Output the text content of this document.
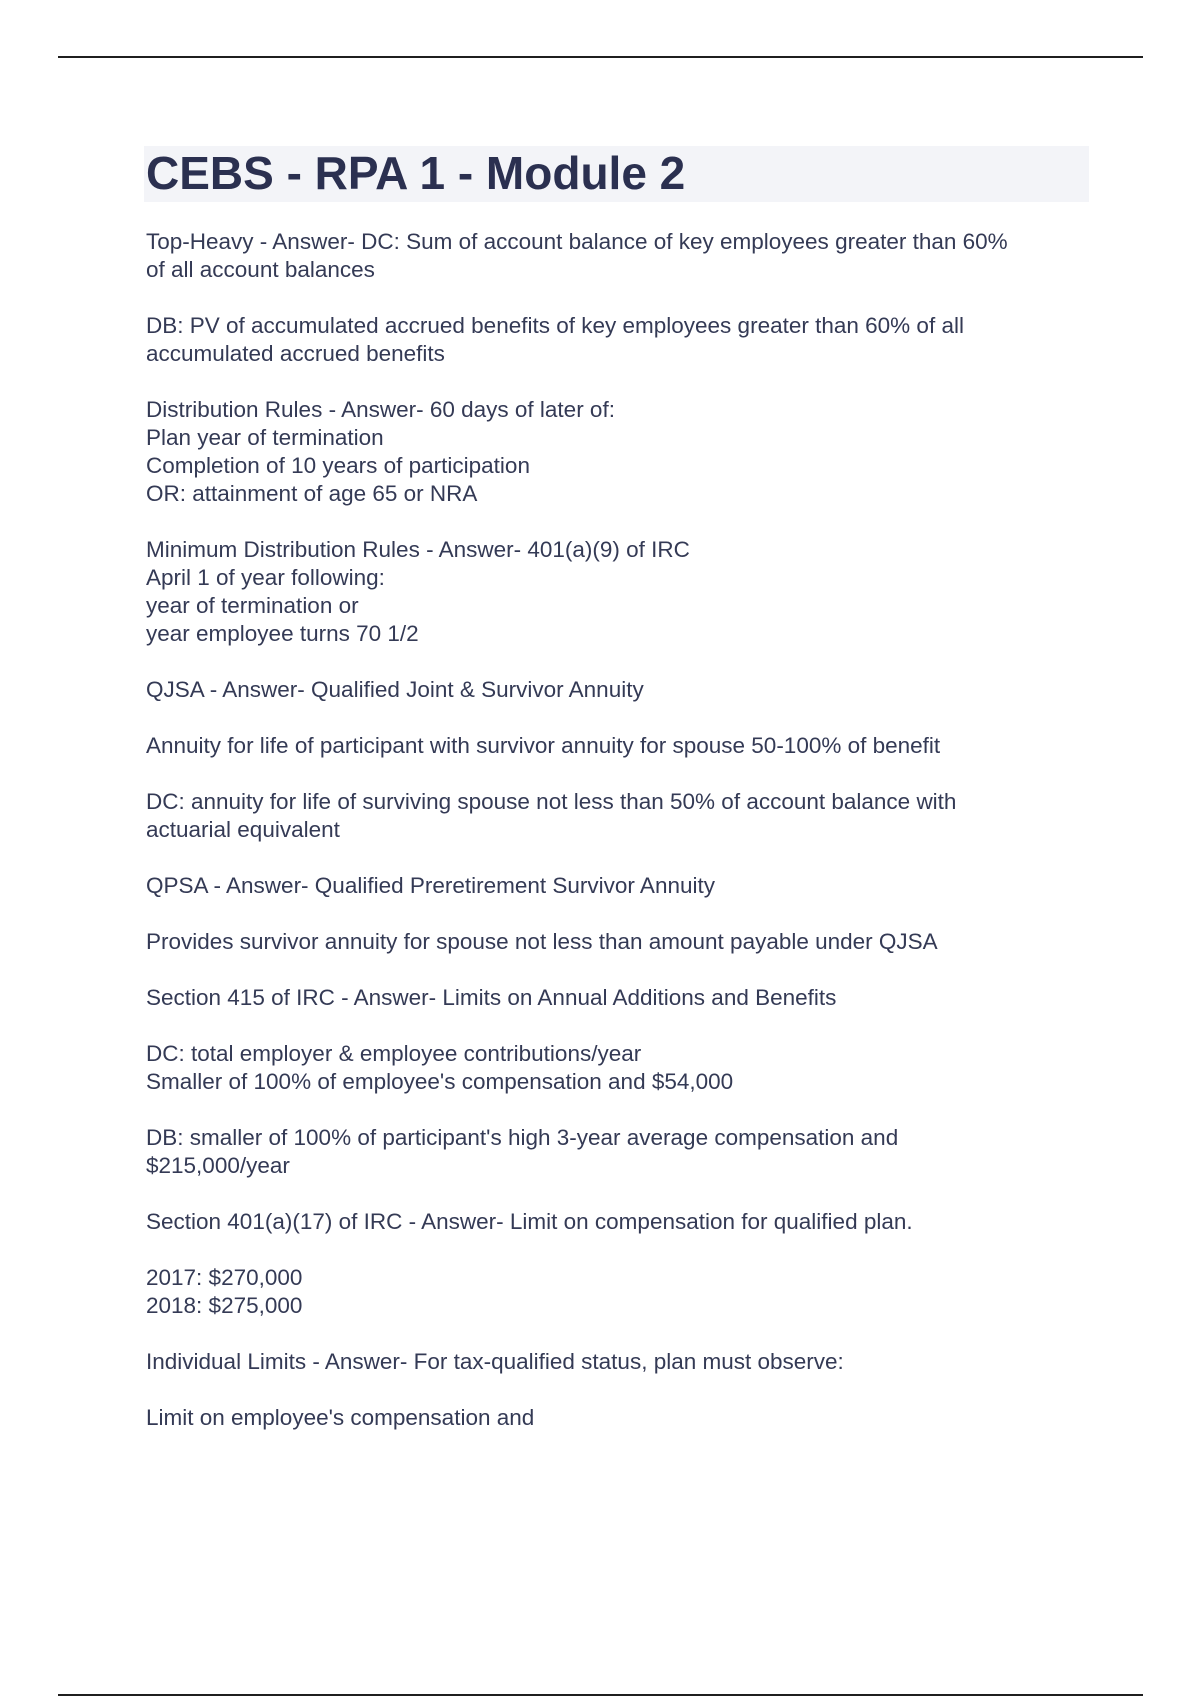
CEBS - RPA 1 - Module 2

Top-Heavy - Answer- DC: Sum of account balance of key employees greater than 60%
of all account balances

DB: PV of accumulated accrued benefits of key employees greater than 60% of all
accumulated accrued benefits

Distribution Rules - Answer- 60 days of later of:
Plan year of termination
Completion of 10 years of participation
OR: attainment of age 65 or NRA

Minimum Distribution Rules - Answer- 401(a)(9) of IRC
April 1 of year following:
year of termination or
year employee turns 70 1/2

QJSA - Answer- Qualified Joint & Survivor Annuity

Annuity for life of participant with survivor annuity for spouse 50-100% of benefit

DC: annuity for life of surviving spouse not less than 50% of account balance with
actuarial equivalent

QPSA - Answer- Qualified Preretirement Survivor Annuity

Provides survivor annuity for spouse not less than amount payable under QJSA

Section 415 of IRC - Answer- Limits on Annual Additions and Benefits

DC: total employer & employee contributions/year
Smaller of 100% of employee's compensation and $54,000

DB: smaller of 100% of participant's high 3-year average compensation and
$215,000/year

Section 401(a)(17) of IRC - Answer- Limit on compensation for qualified plan.

2017: $270,000
2018: $275,000

Individual Limits - Answer- For tax-qualified status, plan must observe:

Limit on employee's compensation and
